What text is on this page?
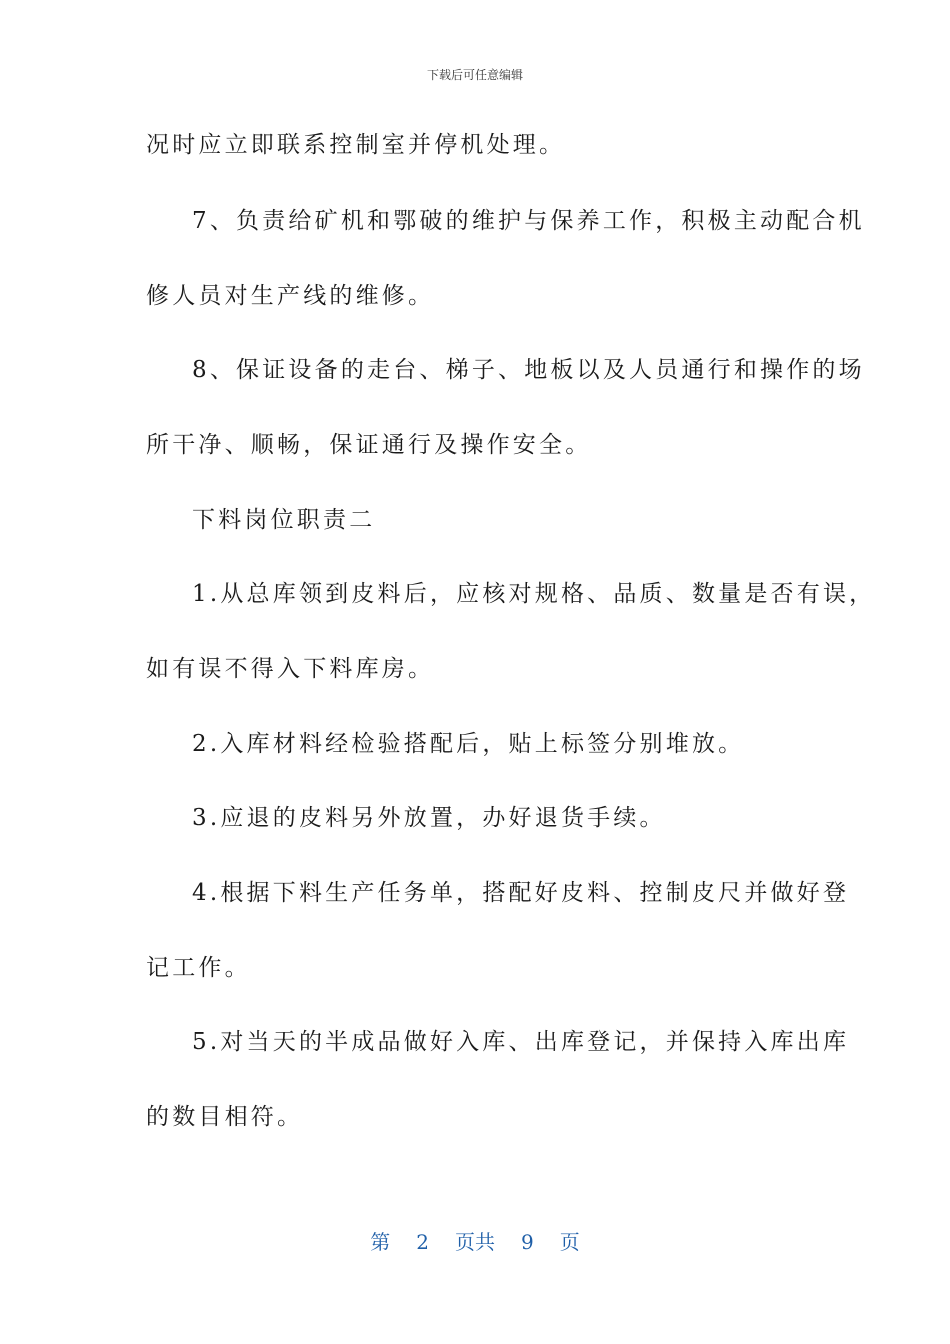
下载后可任意编辑
况时应立即联系控制室并停机处理。
7、负责给矿机和鄂破的维护与保养工作，积极主动配合机
修人员对生产线的维修。
8、保证设备的走台、梯子、地板以及人员通行和操作的场
所干净、顺畅，保证通行及操作安全。
下料岗位职责二
1.从总库领到皮料后，应核对规格、品质、数量是否有误，
如有误不得入下料库房。
2.入库材料经检验搭配后，贴上标签分别堆放。
3.应退的皮料另外放置，办好退货手续。
4.根据下料生产任务单，搭配好皮料、控制皮尺并做好登
记工作。
5.对当天的半成品做好入库、出库登记，并保持入库出库
的数目相符。
第 2 页共 9 页
